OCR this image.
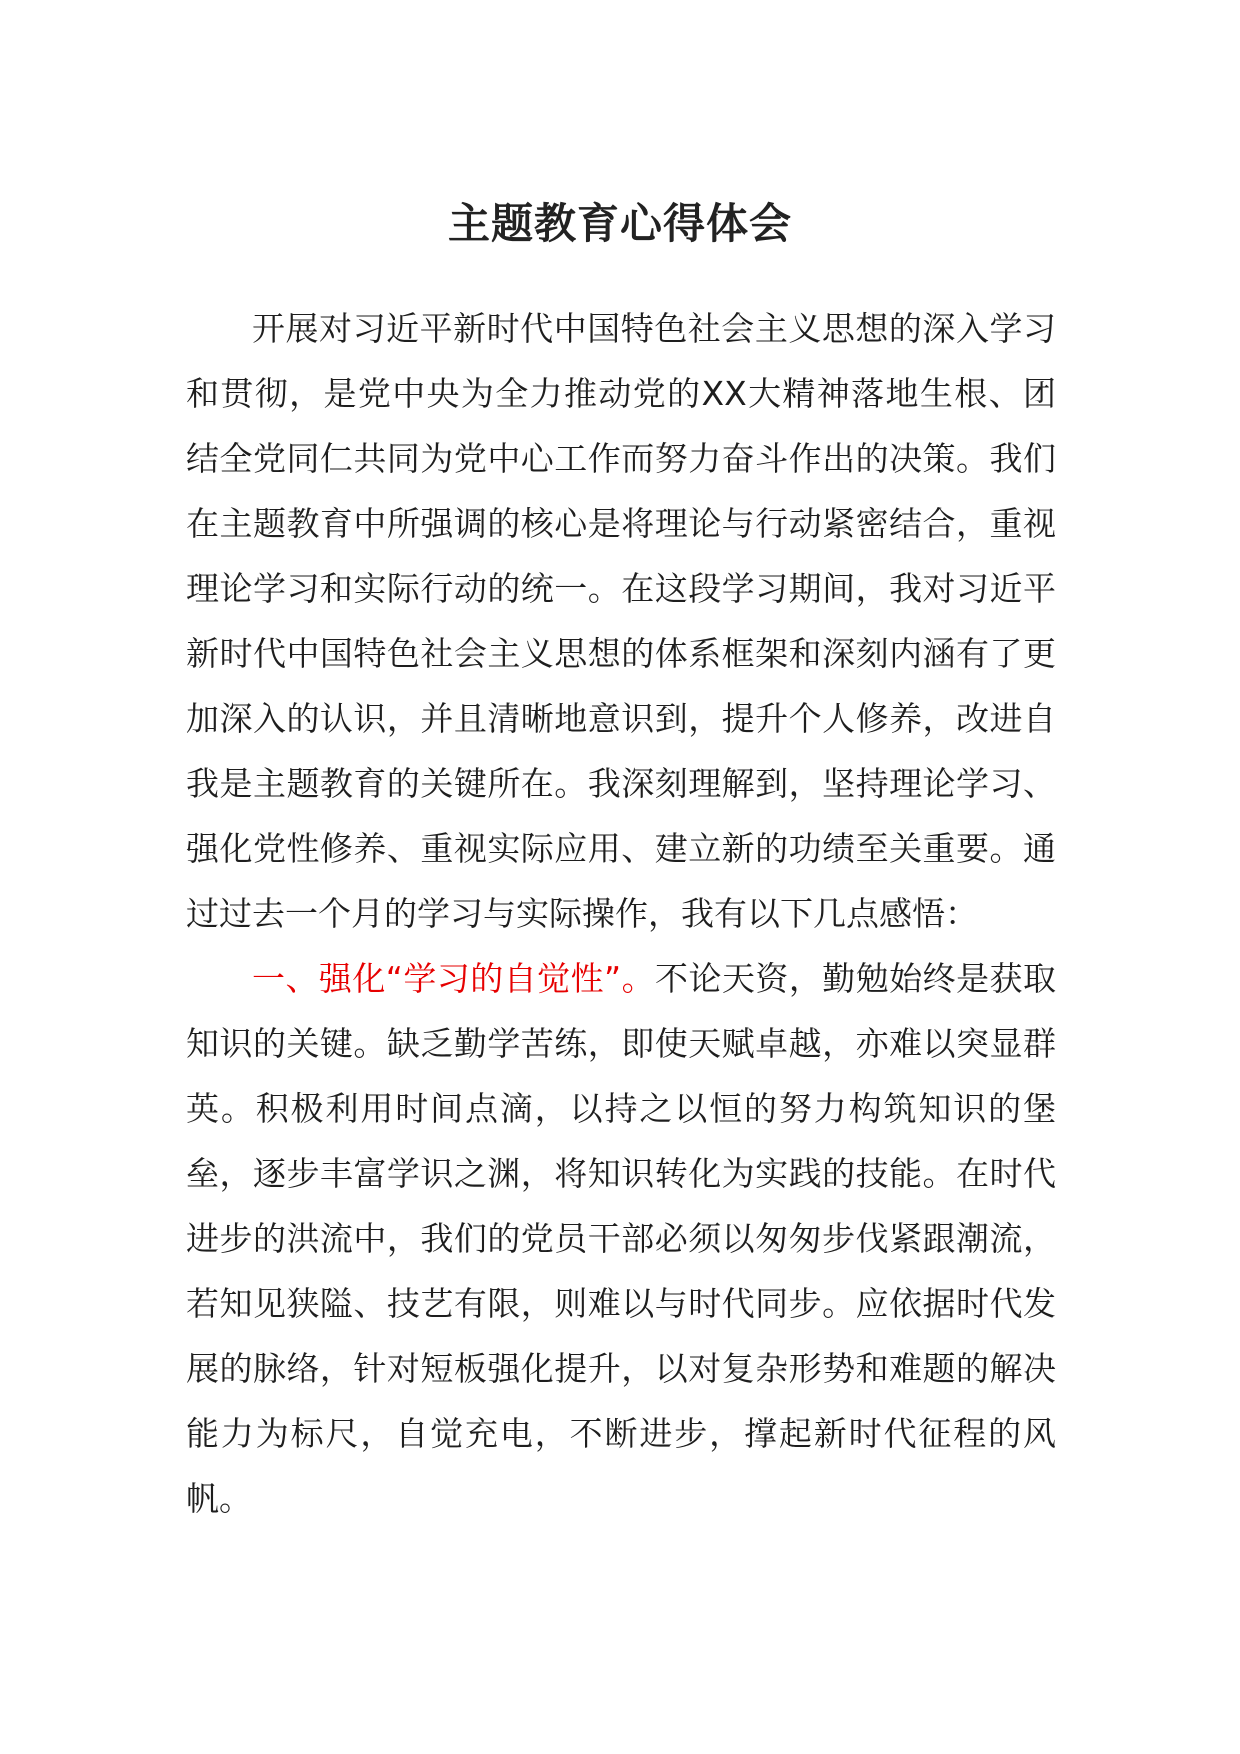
主题教育心得体会

开展对习近平新时代中国特色社会主义思想的深入学习和贯彻，是党中央为全力推动党的XX大精神落地生根、团结全党同仁共同为党中心工作而努力奋斗作出的决策。我们在主题教育中所强调的核心是将理论与行动紧密结合，重视理论学习和实际行动的统一。在这段学习期间，我对习近平新时代中国特色社会主义思想的体系框架和深刻内涵有了更加深入的认识，并且清晰地意识到，提升个人修养，改进自我是主题教育的关键所在。我深刻理解到，坚持理论学习、强化党性修养、重视实际应用、建立新的功绩至关重要。通过过去一个月的学习与实际操作，我有以下几点感悟：

一、强化“学习的自觉性”。不论天资，勤勉始终是获取知识的关键。缺乏勤学苦练，即使天赋卓越，亦难以突显群英。积极利用时间点滴，以持之以恒的努力构筑知识的堡垒，逐步丰富学识之渊，将知识转化为实践的技能。在时代进步的洪流中，我们的党员干部必须以匆匆步伐紧跟潮流，若知见狭隘、技艺有限，则难以与时代同步。应依据时代发展的脉络，针对短板强化提升，以对复杂形势和难题的解决能力为标尺，自觉充电，不断进步，撑起新时代征程的风帆。
